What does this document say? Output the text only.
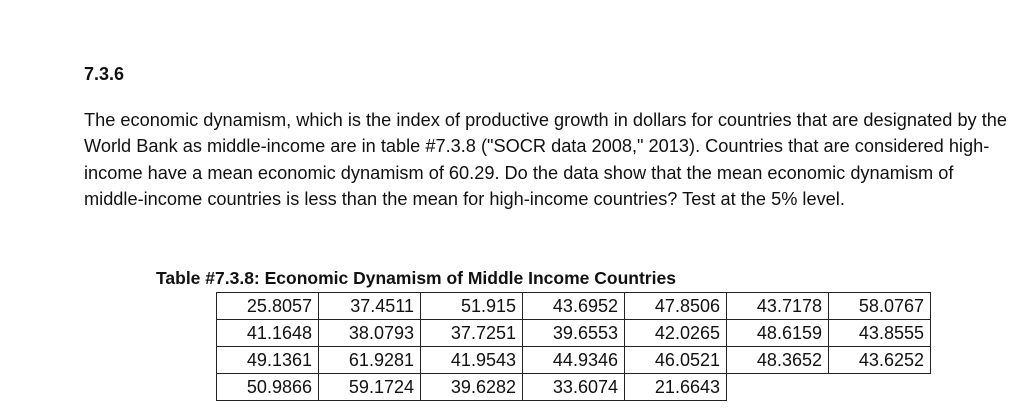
7.3.6

The economic dynamism, which is the index of productive growth in dollars for countries that are designated by the World Bank as middle-income are in table #7.3.8 ("SOCR data 2008," 2013). Countries that are considered high-income have a mean economic dynamism of 60.29. Do the data show that the mean economic dynamism of middle-income countries is less than the mean for high-income countries? Test at the 5% level.

Table #7.3.8: Economic Dynamism of Middle Income Countries

25.8057	37.4511	51.915	43.6952	47.8506	43.7178	58.0767
41.1648	38.0793	37.7251	39.6553	42.0265	48.6159	43.8555
49.1361	61.9281	41.9543	44.9346	46.0521	48.3652	43.6252
50.9866	59.1724	39.6282	33.6074	21.6643		
